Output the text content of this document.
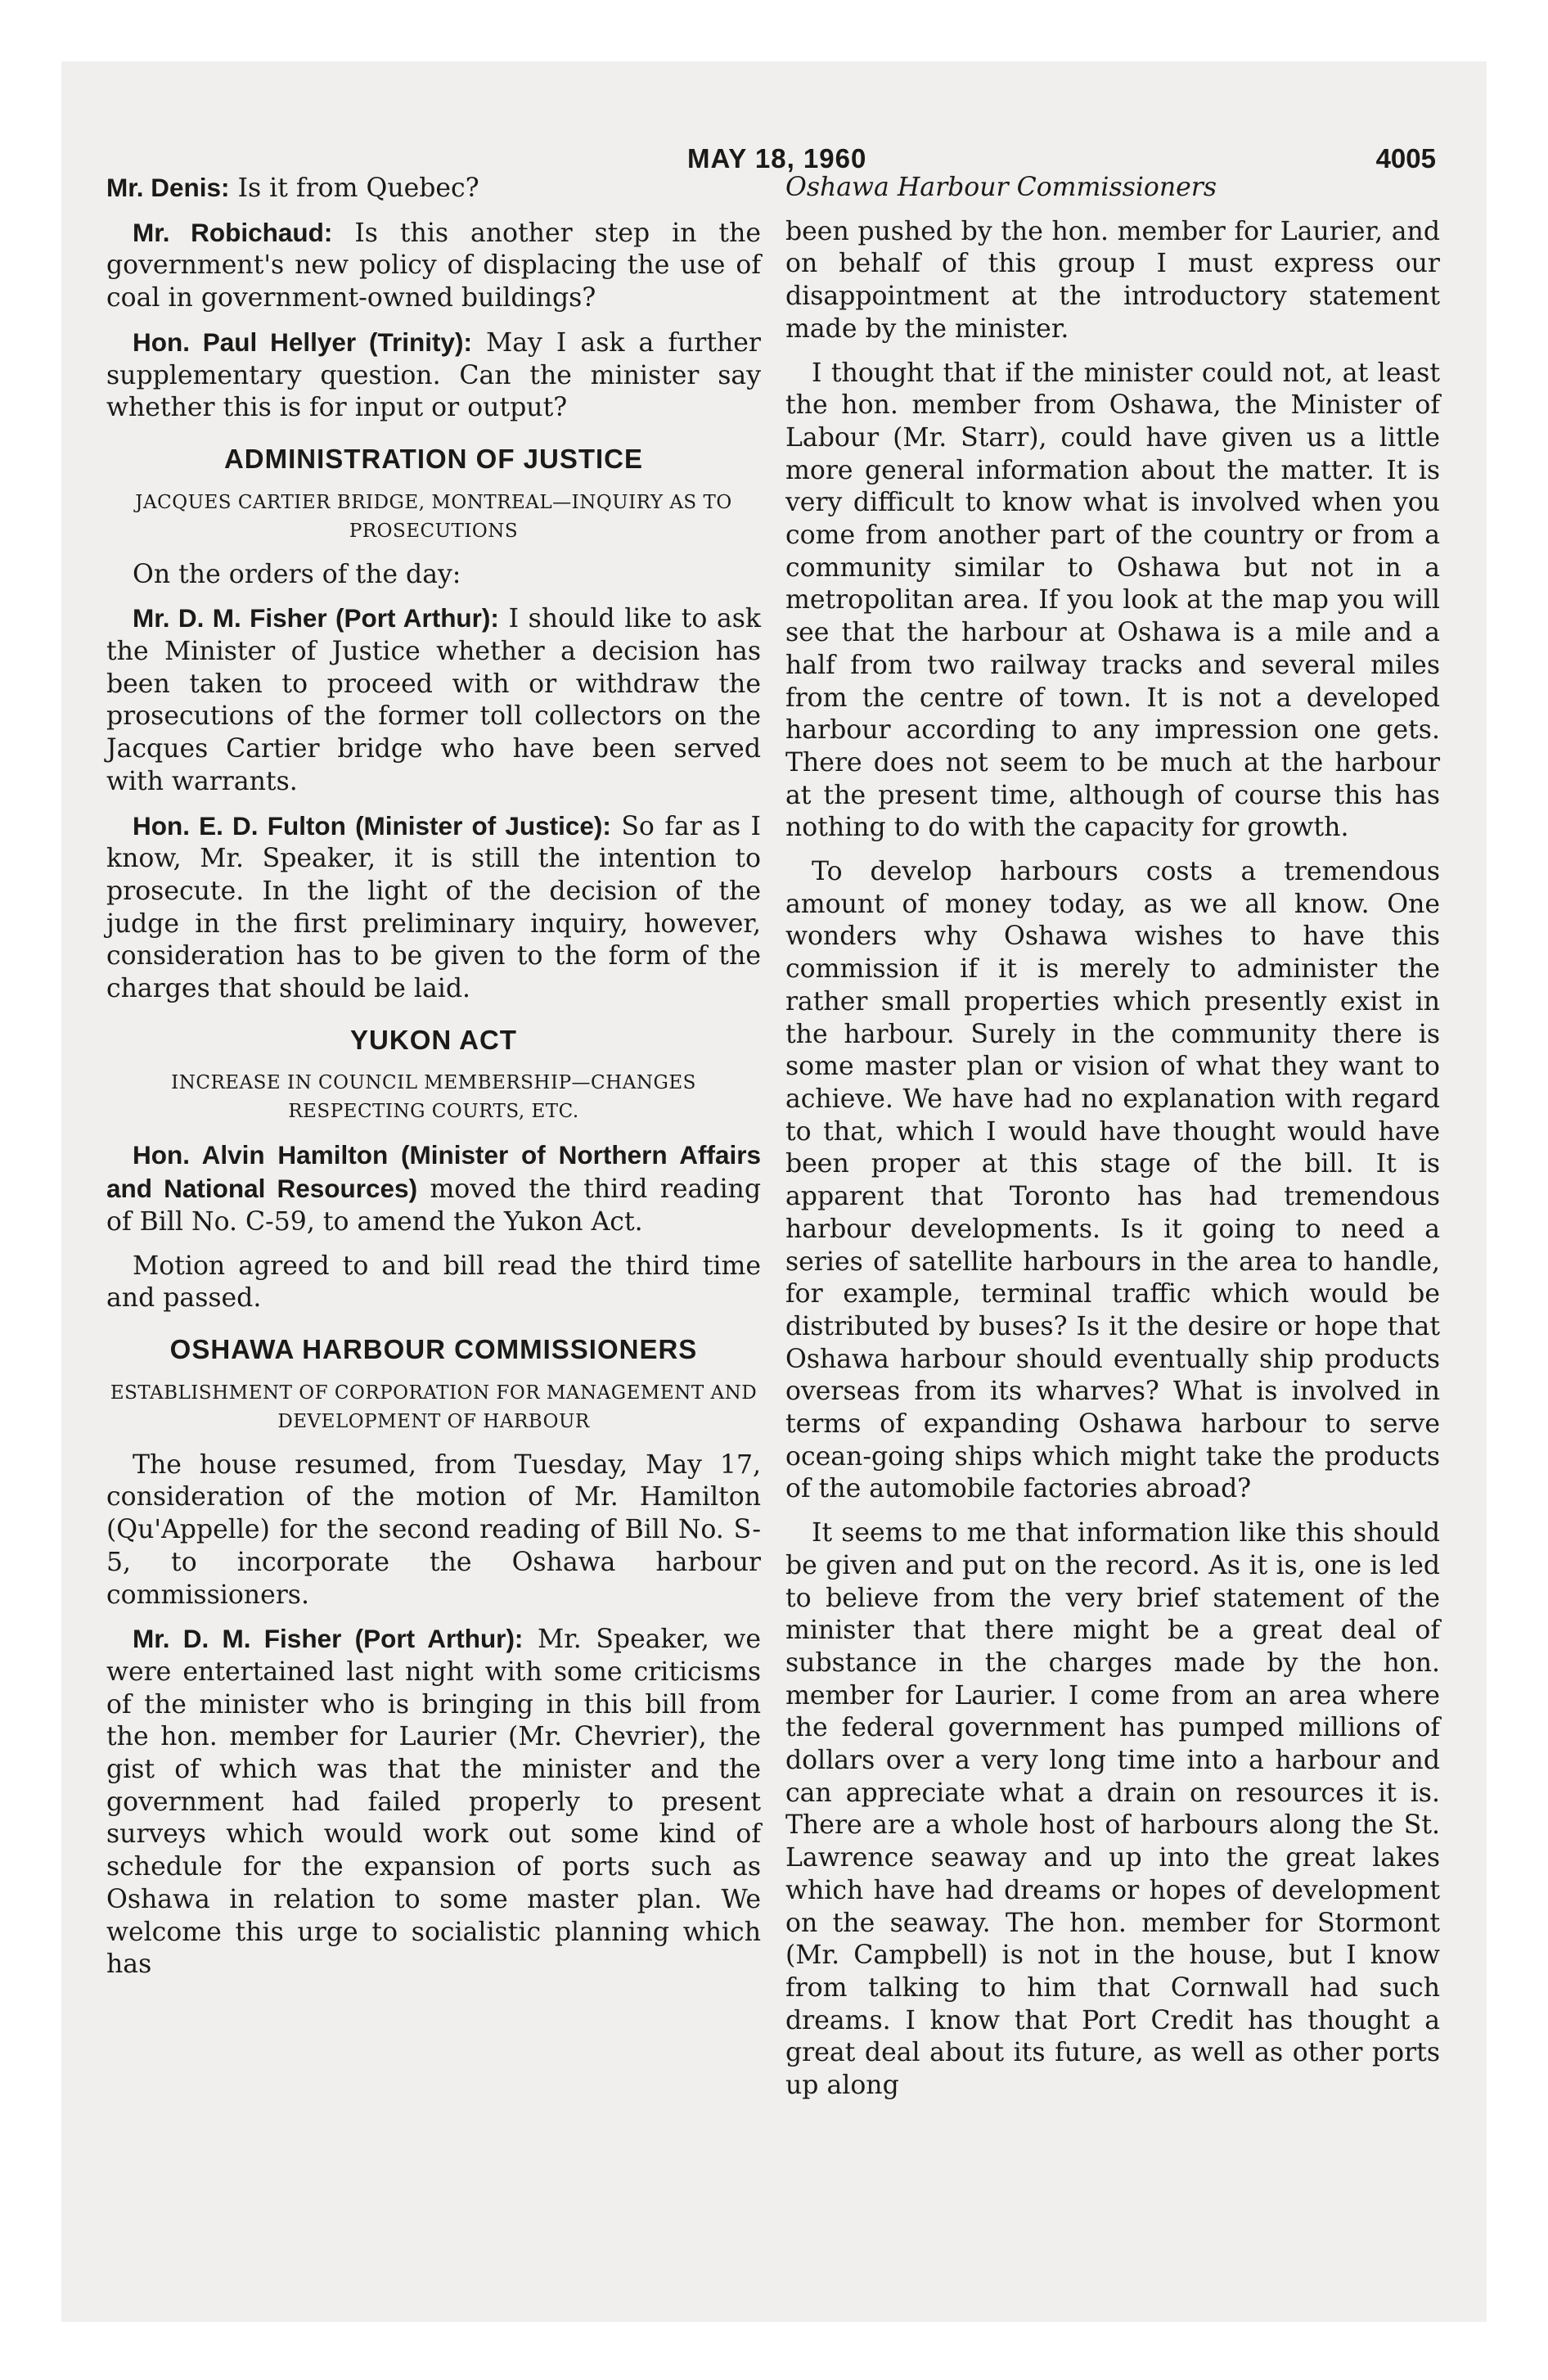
MAY 18, 1960	4005

Mr. Denis: Is it from Quebec?

Mr. Robichaud: Is this another step in the government's new policy of displacing the use of coal in government-owned buildings?

Hon. Paul Hellyer (Trinity): May I ask a further supplementary question. Can the minister say whether this is for input or output?

ADMINISTRATION OF JUSTICE
JACQUES CARTIER BRIDGE, MONTREAL—INQUIRY AS TO PROSECUTIONS

On the orders of the day:

Mr. D. M. Fisher (Port Arthur): I should like to ask the Minister of Justice whether a decision has been taken to proceed with or withdraw the prosecutions of the former toll collectors on the Jacques Cartier bridge who have been served with warrants.

Hon. E. D. Fulton (Minister of Justice): So far as I know, Mr. Speaker, it is still the intention to prosecute. In the light of the decision of the judge in the first preliminary inquiry, however, consideration has to be given to the form of the charges that should be laid.

YUKON ACT
INCREASE IN COUNCIL MEMBERSHIP—CHANGES RESPECTING COURTS, ETC.

Hon. Alvin Hamilton (Minister of Northern Affairs and National Resources) moved the third reading of Bill No. C-59, to amend the Yukon Act.

Motion agreed to and bill read the third time and passed.

OSHAWA HARBOUR COMMISSIONERS
ESTABLISHMENT OF CORPORATION FOR MANAGEMENT AND DEVELOPMENT OF HARBOUR

The house resumed, from Tuesday, May 17, consideration of the motion of Mr. Hamilton (Qu'Appelle) for the second reading of Bill No. S-5, to incorporate the Oshawa harbour commissioners.

Mr. D. M. Fisher (Port Arthur): Mr. Speaker, we were entertained last night with some criticisms of the minister who is bringing in this bill from the hon. member for Laurier (Mr. Chevrier), the gist of which was that the minister and the government had failed properly to present surveys which would work out some kind of schedule for the expansion of ports such as Oshawa in relation to some master plan. We welcome this urge to socialistic planning which has

Oshawa Harbour Commissioners

been pushed by the hon. member for Laurier, and on behalf of this group I must express our disappointment at the introductory statement made by the minister.

I thought that if the minister could not, at least the hon. member from Oshawa, the Minister of Labour (Mr. Starr), could have given us a little more general information about the matter. It is very difficult to know what is involved when you come from another part of the country or from a community similar to Oshawa but not in a metropolitan area. If you look at the map you will see that the harbour at Oshawa is a mile and a half from two railway tracks and several miles from the centre of town. It is not a developed harbour according to any impression one gets. There does not seem to be much at the harbour at the present time, although of course this has nothing to do with the capacity for growth.

To develop harbours costs a tremendous amount of money today, as we all know. One wonders why Oshawa wishes to have this commission if it is merely to administer the rather small properties which presently exist in the harbour. Surely in the community there is some master plan or vision of what they want to achieve. We have had no explanation with regard to that, which I would have thought would have been proper at this stage of the bill. It is apparent that Toronto has had tremendous harbour developments. Is it going to need a series of satellite harbours in the area to handle, for example, terminal traffic which would be distributed by buses? Is it the desire or hope that Oshawa harbour should eventually ship products overseas from its wharves? What is involved in terms of expanding Oshawa harbour to serve ocean-going ships which might take the products of the automobile factories abroad?

It seems to me that information like this should be given and put on the record. As it is, one is led to believe from the very brief statement of the minister that there might be a great deal of substance in the charges made by the hon. member for Laurier. I come from an area where the federal government has pumped millions of dollars over a very long time into a harbour and can appreciate what a drain on resources it is. There are a whole host of harbours along the St. Lawrence seaway and up into the great lakes which have had dreams or hopes of development on the seaway. The hon. member for Stormont (Mr. Campbell) is not in the house, but I know from talking to him that Cornwall had such dreams. I know that Port Credit has thought a great deal about its future, as well as other ports up along
